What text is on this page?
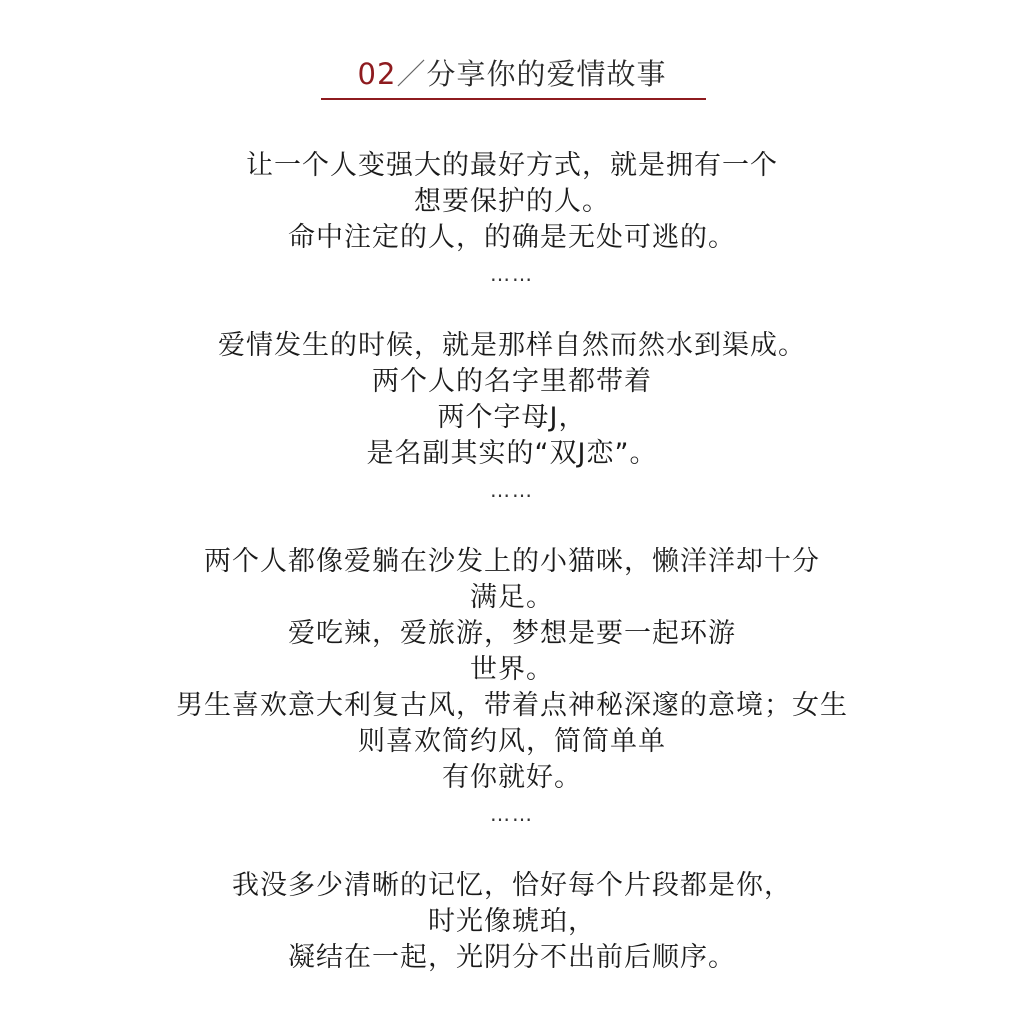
02／分享你的爱情故事
让一个人变强大的最好方式，就是拥有一个
想要保护的人。
命中注定的人，的确是无处可逃的。
……
爱情发生的时候，就是那样自然而然水到渠成。
两个人的名字里都带着
两个字母J，
是名副其实的“双J恋”。
……
两个人都像爱躺在沙发上的小猫咪，懒洋洋却十分
满足。
爱吃辣，爱旅游，梦想是要一起环游
世界。
男生喜欢意大利复古风，带着点神秘深邃的意境；女生
则喜欢简约风，简简单单
有你就好。
……
我没多少清晰的记忆，恰好每个片段都是你，
时光像琥珀，
凝结在一起，光阴分不出前后顺序。
